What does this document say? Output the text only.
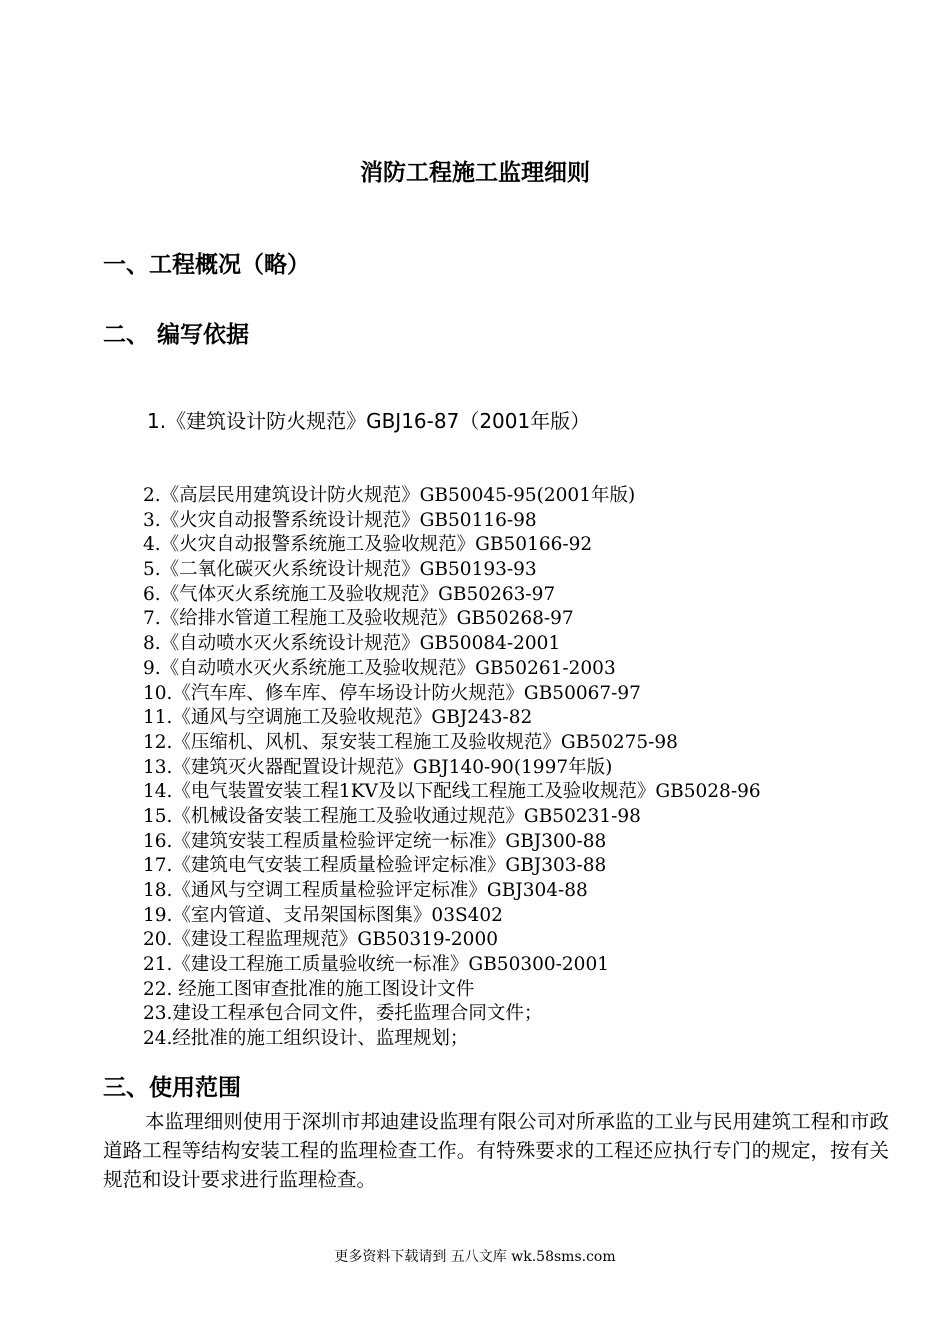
消防工程施工监理细则
一、工程概况（略）
二、 编写依据
1.《建筑设计防火规范》GBJ16-87（2001年版）
2.《高层民用建筑设计防火规范》GB50045-95(2001年版)
3.《火灾自动报警系统设计规范》GB50116-98
4.《火灾自动报警系统施工及验收规范》GB50166-92
5.《二氧化碳灭火系统设计规范》GB50193-93
6.《气体灭火系统施工及验收规范》GB50263-97
7.《给排水管道工程施工及验收规范》GB50268-97
8.《自动喷水灭火系统设计规范》GB50084-2001
9.《自动喷水灭火系统施工及验收规范》GB50261-2003
10.《汽车库、修车库、停车场设计防火规范》GB50067-97
11.《通风与空调施工及验收规范》GBJ243-82
12.《压缩机、风机、泵安装工程施工及验收规范》GB50275-98
13.《建筑灭火器配置设计规范》GBJ140-90(1997年版)
14.《电气装置安装工程1KV及以下配线工程施工及验收规范》GB5028-96
15.《机械设备安装工程施工及验收通过规范》GB50231-98
16.《建筑安装工程质量检验评定统一标准》GBJ300-88
17.《建筑电气安装工程质量检验评定标准》GBJ303-88
18.《通风与空调工程质量检验评定标准》GBJ304-88
19.《室内管道、支吊架国标图集》03S402
20.《建设工程监理规范》GB50319-2000
21.《建设工程施工质量验收统一标准》GB50300-2001
22. 经施工图审查批准的施工图设计文件
23.建设工程承包合同文件，委托监理合同文件；
24.经批准的施工组织设计、监理规划；
三、使用范围

本监理细则使用于深圳市邦迪建设监理有限公司对所承监的工业与民用建筑工程和市政道路工程等结构安装工程的监理检查工作。有特殊要求的工程还应执行专门的规定，按有关规范和设计要求进行监理检查。

更多资料下载请到 五八文库 wk.58sms.com
